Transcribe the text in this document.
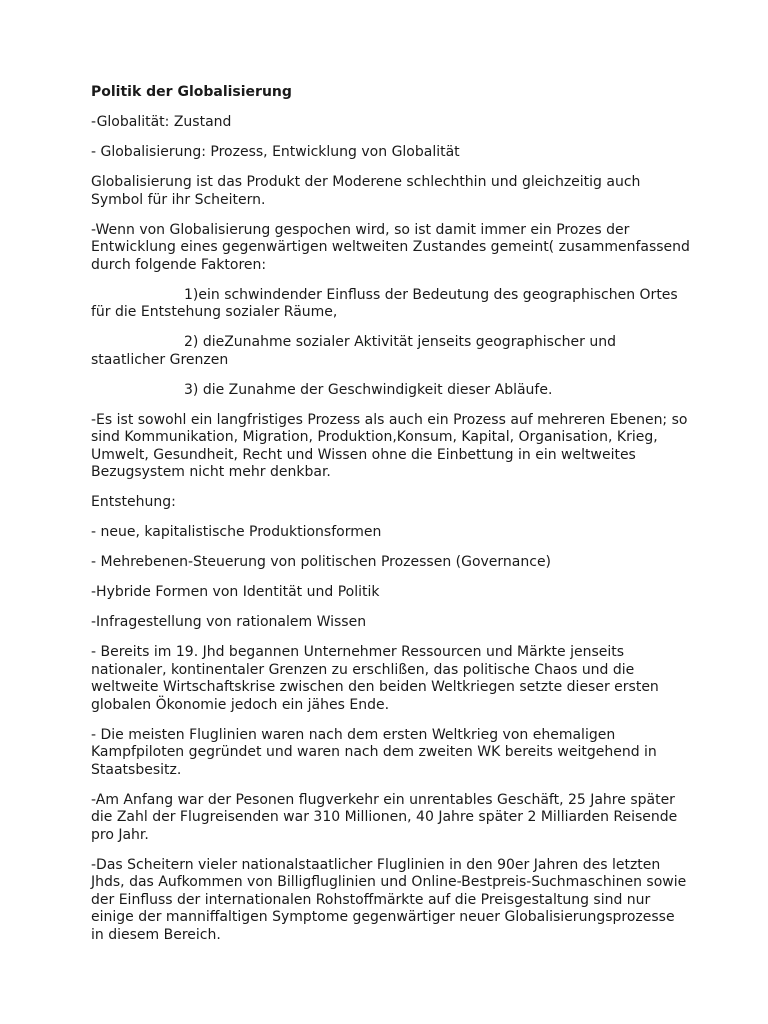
Politik der Globalisierung

-Globalität: Zustand

- Globalisierung: Prozess, Entwicklung von Globalität

Globalisierung ist das Produkt der Moderene schlechthin und gleichzeitig auch Symbol für ihr Scheitern.

-Wenn von Globalisierung gespochen wird, so ist damit immer ein Prozes der Entwicklung eines gegenwärtigen weltweiten Zustandes gemeint( zusammenfassend durch folgende Faktoren:

1)ein schwindender Einfluss der Bedeutung des geographischen Ortes für die Entstehung sozialer Räume,

2) dieZunahme sozialer Aktivität jenseits geographischer und staatlicher Grenzen

3) die Zunahme der Geschwindigkeit dieser Abläufe.

-Es ist sowohl ein langfristiges Prozess als auch ein Prozess auf mehreren Ebenen; so sind Kommunikation, Migration, Produktion,Konsum, Kapital, Organisation, Krieg, Umwelt, Gesundheit, Recht und Wissen ohne die Einbettung in ein weltweites Bezugsystem nicht mehr denkbar.

Entstehung:

- neue, kapitalistische Produktionsformen

- Mehrebenen-Steuerung von politischen Prozessen (Governance)

-Hybride Formen von Identität und Politik

-Infragestellung von rationalem Wissen

- Bereits im 19. Jhd begannen Unternehmer Ressourcen und Märkte jenseits nationaler, kontinentaler Grenzen zu erschlißen, das politische Chaos und die weltweite Wirtschaftskrise zwischen den beiden Weltkriegen setzte dieser ersten globalen Ökonomie jedoch ein jähes Ende.

- Die meisten Fluglinien waren nach dem ersten Weltkrieg von ehemaligen Kampfpiloten gegründet und waren nach dem zweiten WK bereits weitgehend in Staatsbesitz.

-Am Anfang war der Pesonen flugverkehr ein unrentables Geschäft, 25 Jahre später die Zahl der Flugreisenden war 310 Millionen, 40 Jahre später 2 Milliarden Reisende pro Jahr.

-Das Scheitern vieler nationalstaatlicher Fluglinien in den 90er Jahren des letzten Jhds, das Aufkommen von Billigfluglinien und Online-Bestpreis-Suchmaschinen sowie der Einfluss der internationalen Rohstoffmärkte auf die Preisgestaltung sind nur einige der manniffaltigen Symptome gegenwärtiger neuer Globalisierungsprozesse in diesem Bereich.
